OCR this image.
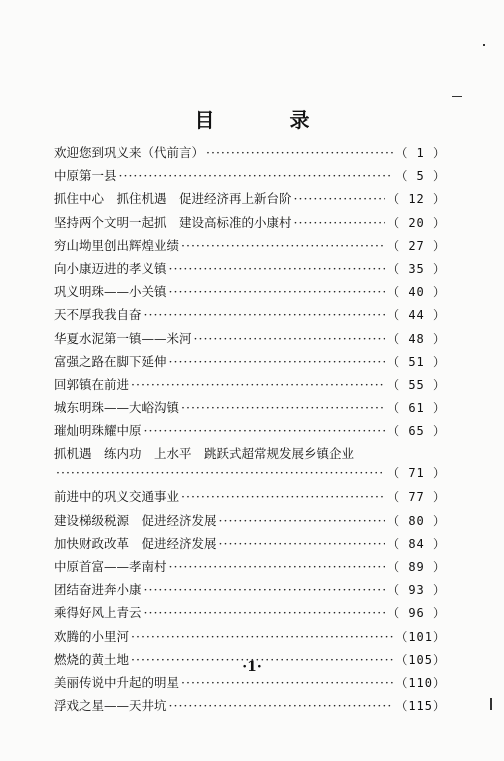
目 录
欢迎您到巩义来（代前言） ·····	（ 1 ）
中原第一县 ·····	（ 5 ）
抓住中心　抓住机遇　促进经济再上新台阶 ·····	（ 12 ）
坚持两个文明一起抓　建设高标准的小康村 ·····	（ 20 ）
穷山坳里创出辉煌业绩 ·····	（ 27 ）
向小康迈进的孝义镇 ·····	（ 35 ）
巩义明珠——小关镇 ·····	（ 40 ）
天不厚我我自奋 ·····	（ 44 ）
华夏水泥第一镇——米河 ·····	（ 48 ）
富强之路在脚下延伸 ·····	（ 51 ）
回郭镇在前进 ·····	（ 55 ）
城东明珠——大峪沟镇 ·····	（ 61 ）
璀灿明珠耀中原 ·····	（ 65 ）
抓机遇　练内功　上水平　跳跃式超常规发展乡镇企业
·····
（ 71 ）
前进中的巩义交通事业 ·····	（ 77 ）
建设梯级税源　促进经济发展 ·····	（ 80 ）
加快财政改革　促进经济发展 ·····	（ 84 ）
中原首富——孝南村 ·····	（ 89 ）
团结奋进奔小康 ·····	（ 93 ）
乘得好风上青云 ·····	（ 96 ）
欢腾的小里河 ·····	（101）
燃烧的黄土地 ·····	（105）
美丽传说中升起的明星 ·····	（110）
浮戏之星——天井坑 ·····	（115）
·1·
